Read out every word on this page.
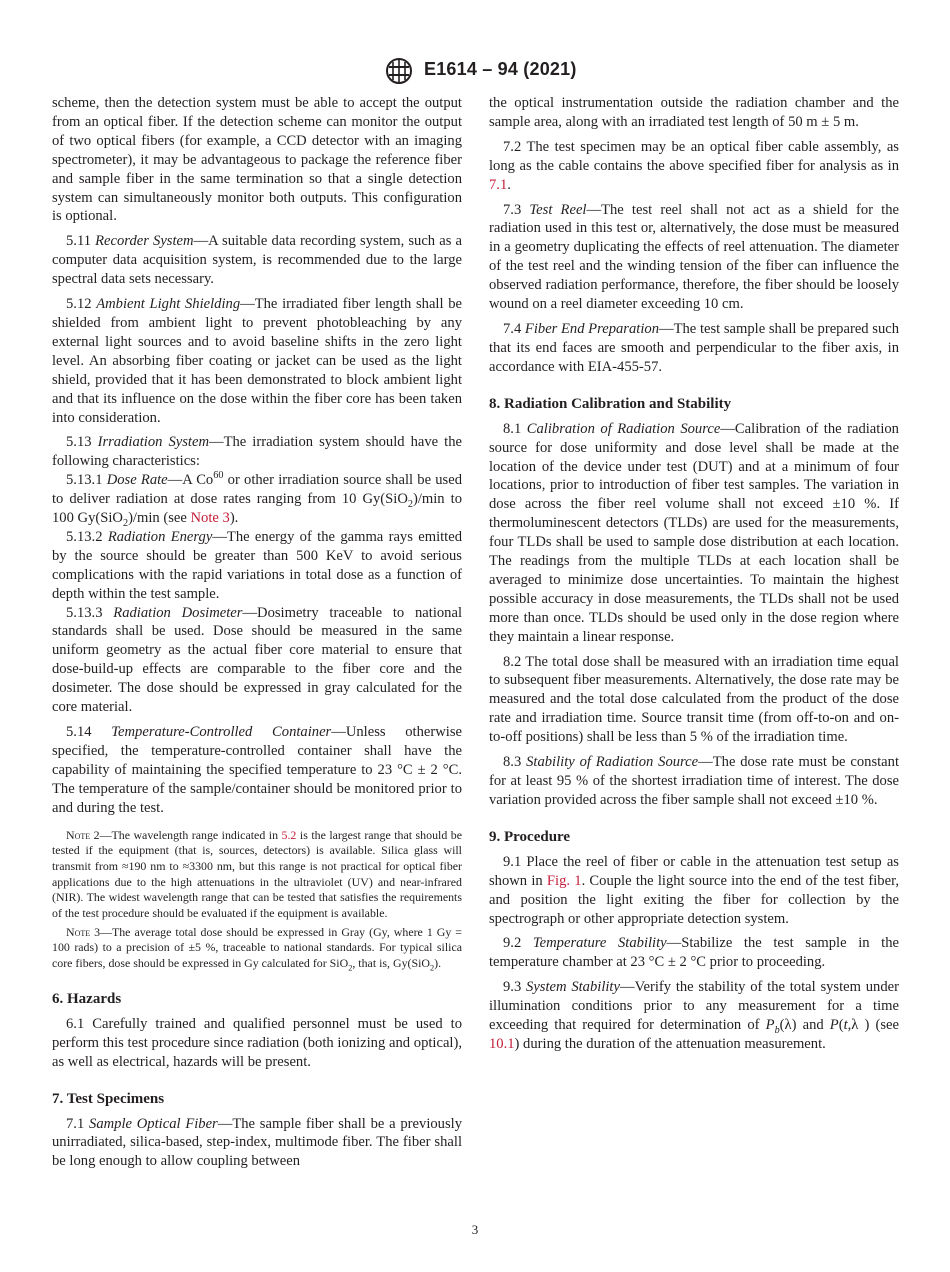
E1614 – 94 (2021)

scheme, then the detection system must be able to accept the output from an optical fiber. If the detection scheme can monitor the output of two optical fibers (for example, a CCD detector with an imaging spectrometer), it may be advantageous to package the reference fiber and sample fiber in the same termination so that a single detection system can simultaneously monitor both outputs. This configuration is optional.

5.11 Recorder System—A suitable data recording system, such as a computer data acquisition system, is recommended due to the large spectral data sets necessary.

5.12 Ambient Light Shielding—The irradiated fiber length shall be shielded from ambient light to prevent photobleaching by any external light sources and to avoid baseline shifts in the zero light level. An absorbing fiber coating or jacket can be used as the light shield, provided that it has been demonstrated to block ambient light and that its influence on the dose within the fiber core has been taken into consideration.

5.13 Irradiation System—The irradiation system should have the following characteristics:

5.13.1 Dose Rate—A Co$^{60}$ or other irradiation source shall be used to deliver radiation at dose rates ranging from 10 Gy(SiO$_2$)/min to 100 Gy(SiO$_2$)/min (see Note 3).

5.13.2 Radiation Energy—The energy of the gamma rays emitted by the source should be greater than 500 KeV to avoid serious complications with the rapid variations in total dose as a function of depth within the test sample.

5.13.3 Radiation Dosimeter—Dosimetry traceable to national standards shall be used. Dose should be measured in the same uniform geometry as the actual fiber core material to ensure that dose-build-up effects are comparable to the fiber core and the dosimeter. The dose should be expressed in gray calculated for the core material.

5.14 Temperature-Controlled Container—Unless otherwise specified, the temperature-controlled container shall have the capability of maintaining the specified temperature to 23 °C ± 2 °C. The temperature of the sample/container should be monitored prior to and during the test.

Note 2—The wavelength range indicated in 5.2 is the largest range that should be tested if the equipment (that is, sources, detectors) is available. Silica glass will transmit from ≈190 nm to ≈3300 nm, but this range is not practical for optical fiber applications due to the high attenuations in the ultraviolet (UV) and near-infrared (NIR). The widest wavelength range that can be tested that satisfies the requirements of the test procedure should be evaluated if the equipment is available.

Note 3—The average total dose should be expressed in Gray (Gy, where 1 Gy = 100 rads) to a precision of ±5 %, traceable to national standards. For typical silica core fibers, dose should be expressed in Gy calculated for SiO$_2$, that is, Gy(SiO$_2$).

6. Hazards

6.1 Carefully trained and qualified personnel must be used to perform this test procedure since radiation (both ionizing and optical), as well as electrical, hazards will be present.

7. Test Specimens

7.1 Sample Optical Fiber—The sample fiber shall be a previously unirradiated, silica-based, step-index, multimode fiber. The fiber shall be long enough to allow coupling between

the optical instrumentation outside the radiation chamber and the sample area, along with an irradiated test length of 50 m ± 5 m.

7.2 The test specimen may be an optical fiber cable assembly, as long as the cable contains the above specified fiber for analysis as in 7.1.

7.3 Test Reel—The test reel shall not act as a shield for the radiation used in this test or, alternatively, the dose must be measured in a geometry duplicating the effects of reel attenuation. The diameter of the test reel and the winding tension of the fiber can influence the observed radiation performance, therefore, the fiber should be loosely wound on a reel diameter exceeding 10 cm.

7.4 Fiber End Preparation—The test sample shall be prepared such that its end faces are smooth and perpendicular to the fiber axis, in accordance with EIA-455-57.

8. Radiation Calibration and Stability

8.1 Calibration of Radiation Source—Calibration of the radiation source for dose uniformity and dose level shall be made at the location of the device under test (DUT) and at a minimum of four locations, prior to introduction of fiber test samples. The variation in dose across the fiber reel volume shall not exceed ±10 %. If thermoluminescent detectors (TLDs) are used for the measurements, four TLDs shall be used to sample dose distribution at each location. The readings from the multiple TLDs at each location shall be averaged to minimize dose uncertainties. To maintain the highest possible accuracy in dose measurements, the TLDs shall not be used more than once. TLDs should be used only in the dose region where they maintain a linear response.

8.2 The total dose shall be measured with an irradiation time equal to subsequent fiber measurements. Alternatively, the dose rate may be measured and the total dose calculated from the product of the dose rate and irradiation time. Source transit time (from off-to-on and on-to-off positions) shall be less than 5 % of the irradiation time.

8.3 Stability of Radiation Source—The dose rate must be constant for at least 95 % of the shortest irradiation time of interest. The dose variation provided across the fiber sample shall not exceed ±10 %.

9. Procedure

9.1 Place the reel of fiber or cable in the attenuation test setup as shown in Fig. 1. Couple the light source into the end of the test fiber, and position the light exiting the fiber for collection by the spectrograph or other appropriate detection system.

9.2 Temperature Stability—Stabilize the test sample in the temperature chamber at 23 °C ± 2 °C prior to proceeding.

9.3 System Stability—Verify the stability of the total system under illumination conditions prior to any measurement for a time exceeding that required for determination of $P_b(\lambda)$ and P(t,λ ) (see 10.1) during the duration of the attenuation measurement.

3
